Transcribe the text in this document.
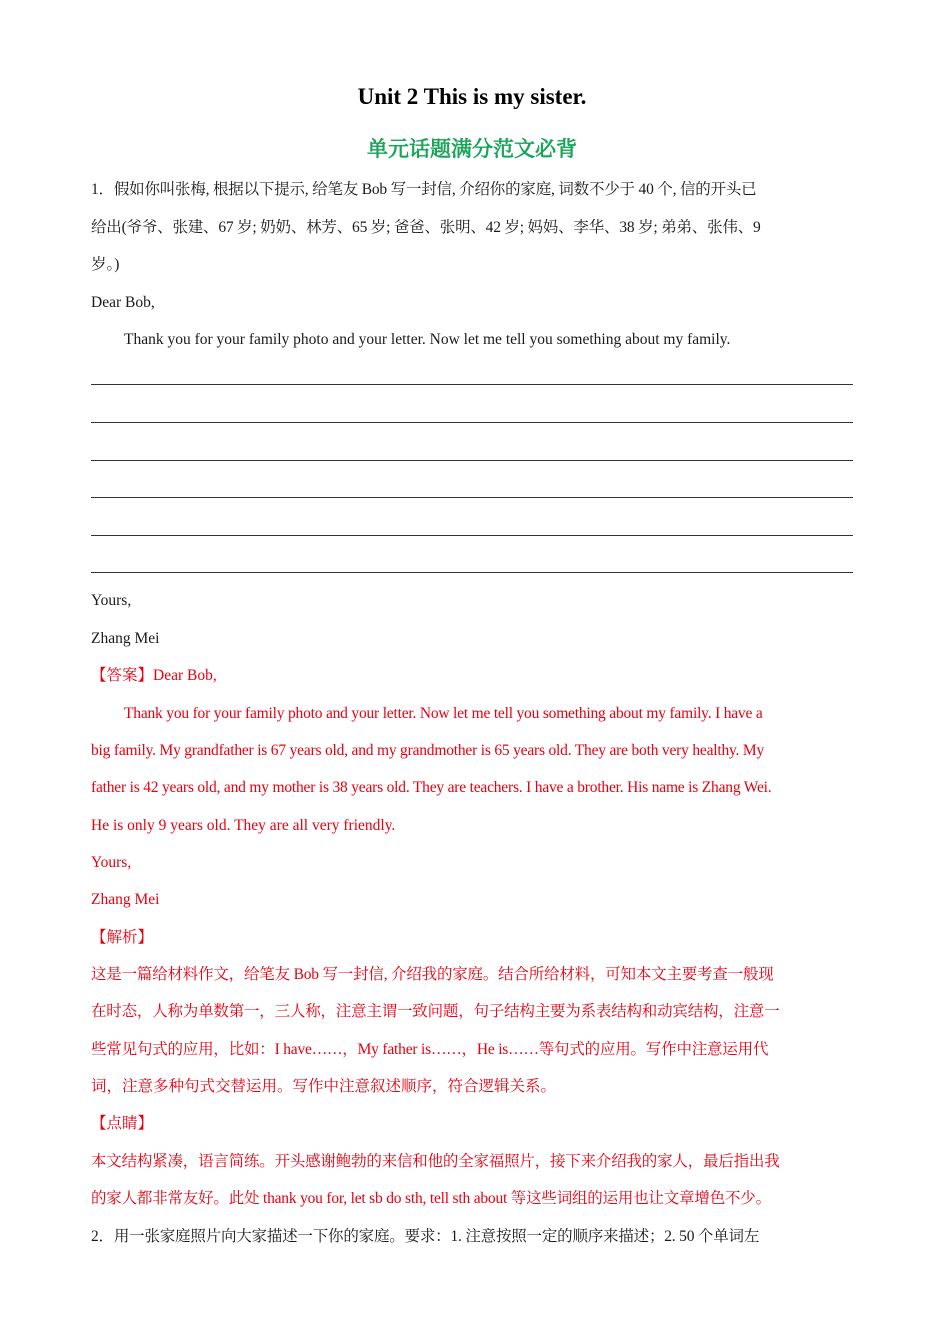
Unit 2 This is my sister.
单元话题满分范文必背

1．假如你叫张梅, 根据以下提示, 给笔友 Bob 写一封信, 介绍你的家庭, 词数不少于 40 个, 信的开头已

给出(爷爷、张建、67 岁; 奶奶、林芳、65 岁; 爸爸、张明、42 岁; 妈妈、李华、38 岁; 弟弟、张伟、9

岁。)

Dear Bob,

Thank you for your family photo and your letter. Now let me tell you something about my family.

Yours,

Zhang Mei

【答案】Dear Bob,

Thank you for your family photo and your letter. Now let me tell you something about my family. I have a

big family. My grandfather is 67 years old, and my grandmother is 65 years old. They are both very healthy. My

father is 42 years old, and my mother is 38 years old. They are teachers. I have a brother. His name is Zhang Wei.

He is only 9 years old. They are all very friendly.

Yours,

Zhang Mei

【解析】

这是一篇给材料作文，给笔友 Bob 写一封信, 介绍我的家庭。结合所给材料，可知本文主要考查一般现

在时态，人称为单数第一，三人称，注意主谓一致问题，句子结构主要为系表结构和动宾结构，注意一

些常见句式的应用，比如：I have……，My father is……，He is……等句式的应用。写作中注意运用代

词，注意多种句式交替运用。写作中注意叙述顺序，符合逻辑关系。

【点睛】

本文结构紧凑，语言简练。开头感谢鲍勃的来信和他的全家福照片，接下来介绍我的家人，最后指出我

的家人都非常友好。此处 thank you for, let sb do sth, tell sth about 等这些词组的运用也让文章增色不少。

2．用一张家庭照片向大家描述一下你的家庭。要求：1. 注意按照一定的顺序来描述；2. 50 个单词左
